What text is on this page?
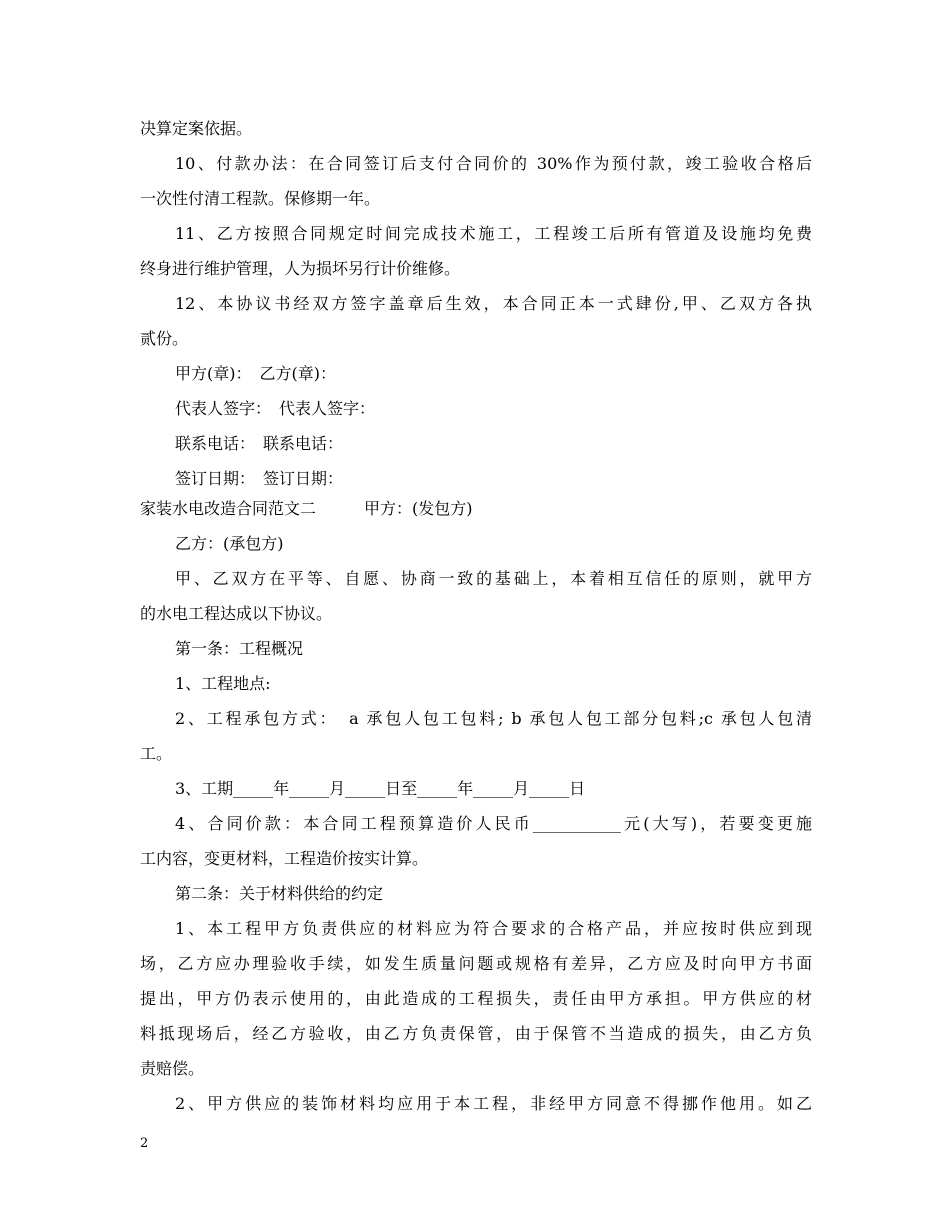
决算定案依据。
10、付款办法：在合同签订后支付合同价的 30%作为预付款，竣工验收合格后
一次性付清工程款。保修期一年。
11、乙方按照合同规定时间完成技术施工，工程竣工后所有管道及设施均免费
终身进行维护管理，人为损坏另行计价维修。
12、本协议书经双方签字盖章后生效，本合同正本一式肆份,甲、乙双方各执
贰份。
甲方(章)：　乙方(章)：
代表人签字：　代表人签字：
联系电话：　联系电话：
签订日期：　签订日期：
家装水电改造合同范文二　　　甲方：(发包方)
乙方：(承包方)
甲、乙双方在平等、自愿、协商一致的基础上，本着相互信任的原则，就甲方
的水电工程达成以下协议。
第一条：工程概况
1、工程地点:
2、工程承包方式：　a 承包人包工包料; b 承包人包工部分包料;c 承包人包清
工。
3、工期_____年_____月_____日至_____年_____月_____日
4、合同价款：本合同工程预算造价人民币___________元(大写)，若要变更施
工内容，变更材料，工程造价按实计算。
第二条：关于材料供给的约定
1、本工程甲方负责供应的材料应为符合要求的合格产品，并应按时供应到现
场，乙方应办理验收手续，如发生质量问题或规格有差异，乙方应及时向甲方书面
提出，甲方仍表示使用的，由此造成的工程损失，责任由甲方承担。甲方供应的材
料抵现场后，经乙方验收，由乙方负责保管，由于保管不当造成的损失，由乙方负
责赔偿。
2、甲方供应的装饰材料均应用于本工程，非经甲方同意不得挪作他用。如乙
2
